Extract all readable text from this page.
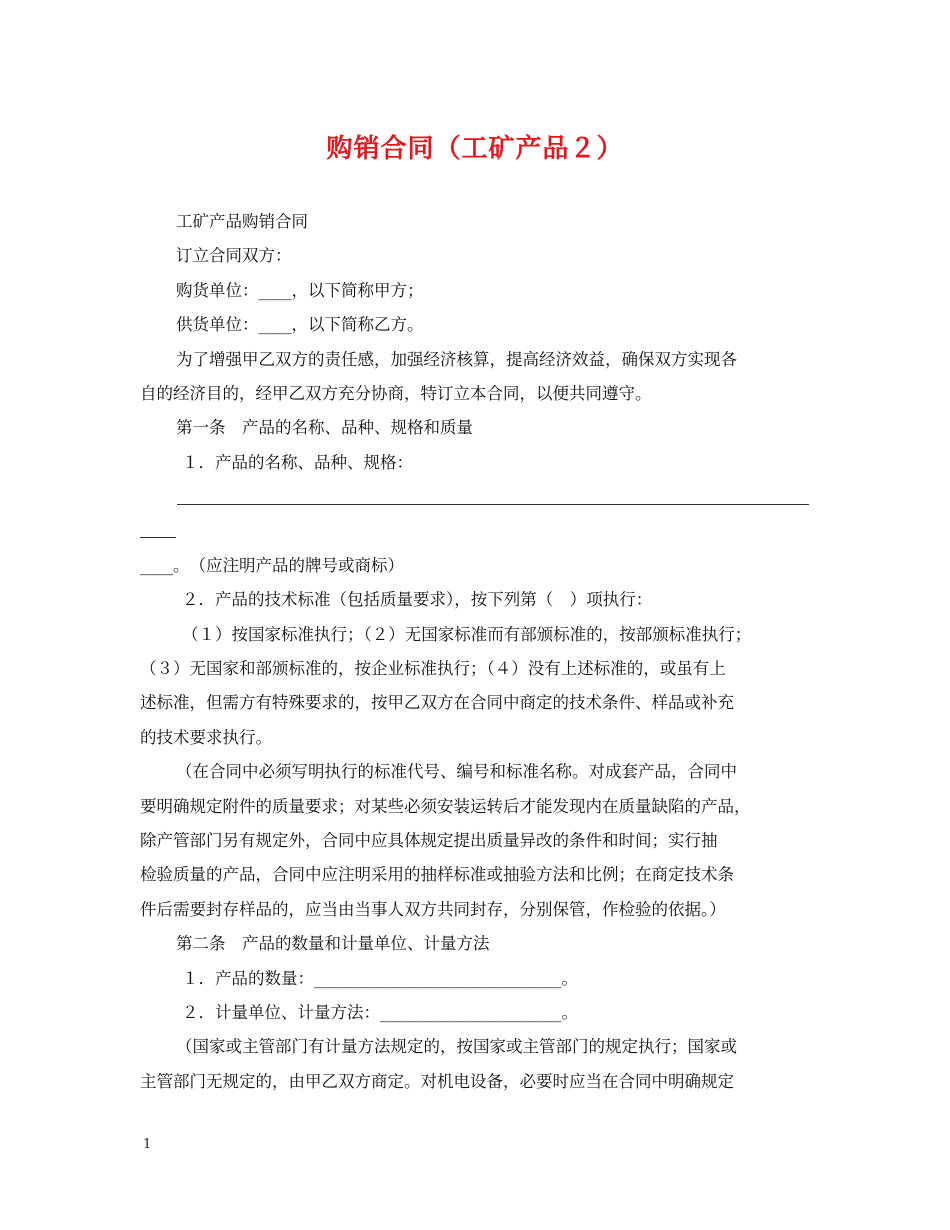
购销合同（工矿产品２）
工矿产品购销合同
订立合同双方：
购货单位：____，以下简称甲方；
供货单位：____，以下简称乙方。
为了增强甲乙双方的责任感，加强经济核算，提高经济效益，确保双方实现各
自的经济目的，经甲乙双方充分协商，特订立本合同，以便共同遵守。
第一条　产品的名称、品种、规格和质量
１．产品的名称、品种、规格：
____。　（应注明产品的牌号或商标）
２．产品的技术标准（包括质量要求），按下列第（　）项执行：
（１）按国家标准执行；（２）无国家标准而有部颁标准的，按部颁标准执行；
（３）无国家和部颁标准的，按企业标准执行；（４）没有上述标准的，或虽有上
述标准，但需方有特殊要求的，按甲乙双方在合同中商定的技术条件、样品或补充
的技术要求执行。
（在合同中必须写明执行的标准代号、编号和标准名称。对成套产品，合同中
要明确规定附件的质量要求；对某些必须安装运转后才能发现内在质量缺陷的产品，
除产管部门另有规定外，合同中应具体规定提出质量异改的条件和时间；实行抽
检验质量的产品，合同中应注明采用的抽样标准或抽验方法和比例；在商定技术条
件后需要封存样品的，应当由当事人双方共同封存，分别保管，作检验的依据。）
第二条　产品的数量和计量单位、计量方法
１．产品的数量：______________________________。
２．计量单位、计量方法：______________________。
（国家或主管部门有计量方法规定的，按国家或主管部门的规定执行；国家或
主管部门无规定的，由甲乙双方商定。对机电设备，必要时应当在合同中明确规定
1
